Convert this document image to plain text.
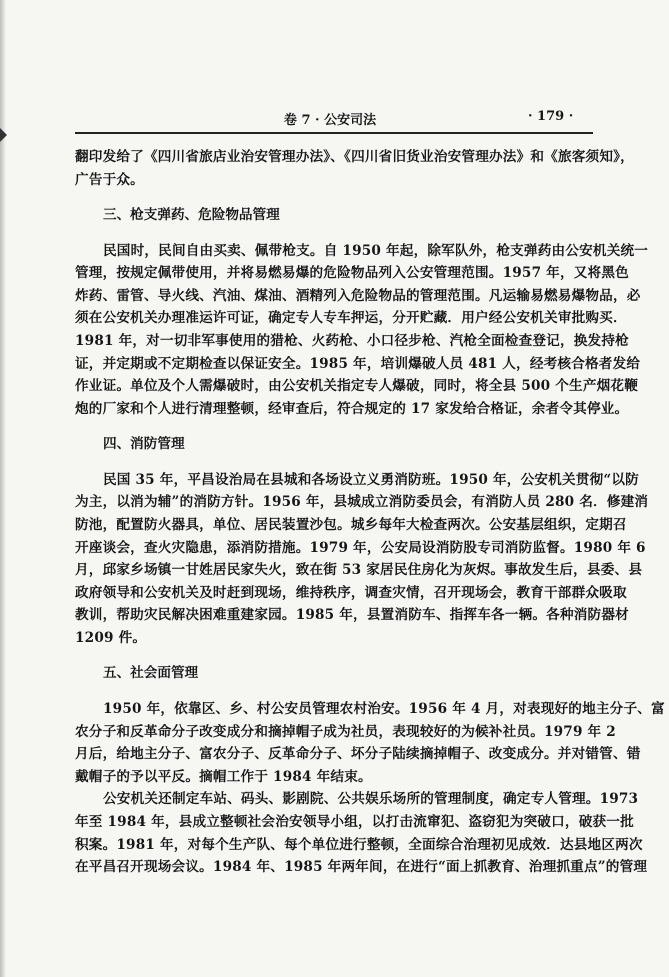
卷 7 · 公安司法	· 179 ·
翻印发给了《四川省旅店业治安管理办法》、《四川省旧货业治安管理办法》和《旅客须知》，
广告于众。
三、枪支弹药、危险物品管理
民国时，民间自由买卖、佩带枪支。自 1950 年起，除军队外，枪支弹药由公安机关统一
管理，按规定佩带使用，并将易燃易爆的危险物品列入公安管理范围。1957 年，又将黑色
炸药、雷管、导火线、汽油、煤油、酒精列入危险物品的管理范围。凡运输易燃易爆物品，必
须在公安机关办理准运许可证，确定专人专车押运，分开贮藏．用户经公安机关审批购买．
1981 年，对一切非军事使用的猎枪、火药枪、小口径步枪、汽枪全面检查登记，换发持枪
证，并定期或不定期检查以保证安全。1985 年，培训爆破人员 481 人，经考核合格者发给
作业证。单位及个人需爆破时，由公安机关指定专人爆破，同时，将全县 500 个生产烟花鞭
炮的厂家和个人进行清理整顿，经审查后，符合规定的 17 家发给合格证，余者令其停业。
四、消防管理
民国 35 年，平昌设治局在县城和各场设立义勇消防班。1950 年，公安机关贯彻“以防
为主，以消为辅”的消防方针。1956 年，县城成立消防委员会，有消防人员 280 名．修建消
防池，配置防火器具，单位、居民装置沙包。城乡每年大检查两次。公安基层组织，定期召
开座谈会，查火灾隐患，添消防措施。1979 年，公安局设消防股专司消防监督。1980 年 6
月，邱家乡场镇一甘姓居民家失火，致在街 53 家居民住房化为灰烬。事故发生后，县委、县
政府领导和公安机关及时赶到现场，维持秩序，调查灾情，召开现场会，教育干部群众吸取
教训，帮助灾民解决困难重建家园。1985 年，县置消防车、指挥车各一辆。各种消防器材
1209 件。
五、社会面管理
1950 年，依靠区、乡、村公安员管理农村治安。1956 年 4 月，对表现好的地主分子、富
农分子和反革命分子改变成分和摘掉帽子成为社员，表现较好的为候补社员。1979 年 2
月后，给地主分子、富农分子、反革命分子、坏分子陆续摘掉帽子、改变成分。并对错管、错
戴帽子的予以平反。摘帽工作于 1984 年结束。
公安机关还制定车站、码头、影剧院、公共娱乐场所的管理制度，确定专人管理。1973
年至 1984 年，县成立整顿社会治安领导小组，以打击流窜犯、盗窃犯为突破口，破获一批
积案。1981 年，对每个生产队、每个单位进行整顿，全面综合治理初见成效．达县地区两次
在平昌召开现场会议。1984 年、1985 年两年间，在进行“面上抓教育、治理抓重点”的管理
